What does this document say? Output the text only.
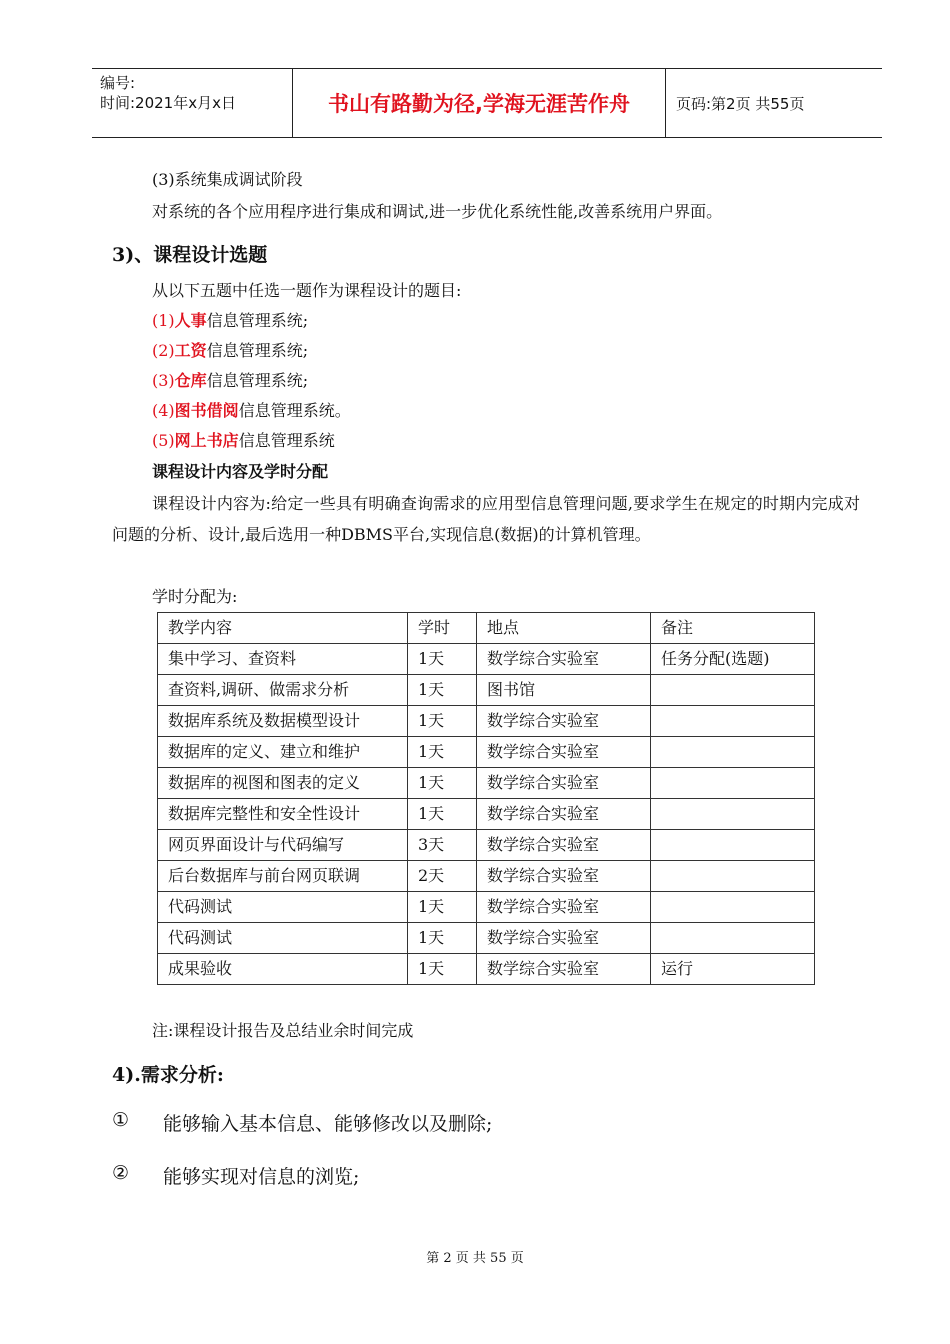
编号:
时间:2021年x月x日	书山有路勤为径,学海无涯苦作舟	页码:第2页 共55页
(3)系统集成调试阶段
对系统的各个应用程序进行集成和调试,进一步优化系统性能,改善系统用户界面。
3)、课程设计选题
从以下五题中任选一题作为课程设计的题目:
(1)人事信息管理系统;
(2)工资信息管理系统;
(3)仓库信息管理系统;
(4)图书借阅信息管理系统。
(5)网上书店信息管理系统
课程设计内容及学时分配
课程设计内容为:给定一些具有明确查询需求的应用型信息管理问题,要求学生在规定的时期内完成对问题的分析、设计,最后选用一种DBMS平台,实现信息(数据)的计算机管理。
学时分配为:
教学内容	学时	地点	备注
集中学习、查资料	1天	数学综合实验室	任务分配(选题)
查资料,调研、做需求分析	1天	图书馆	
数据库系统及数据模型设计	1天	数学综合实验室	
数据库的定义、建立和维护	1天	数学综合实验室	
数据库的视图和图表的定义	1天	数学综合实验室	
数据库完整性和安全性设计	1天	数学综合实验室	
网页界面设计与代码编写	3天	数学综合实验室	
后台数据库与前台网页联调	2天	数学综合实验室	
代码测试	1天	数学综合实验室	
代码测试	1天	数学综合实验室	
成果验收	1天	数学综合实验室	运行
注:课程设计报告及总结业余时间完成
4).需求分析:
① 能够输入基本信息、能够修改以及删除;
② 能够实现对信息的浏览;
第 2 页 共 55 页
